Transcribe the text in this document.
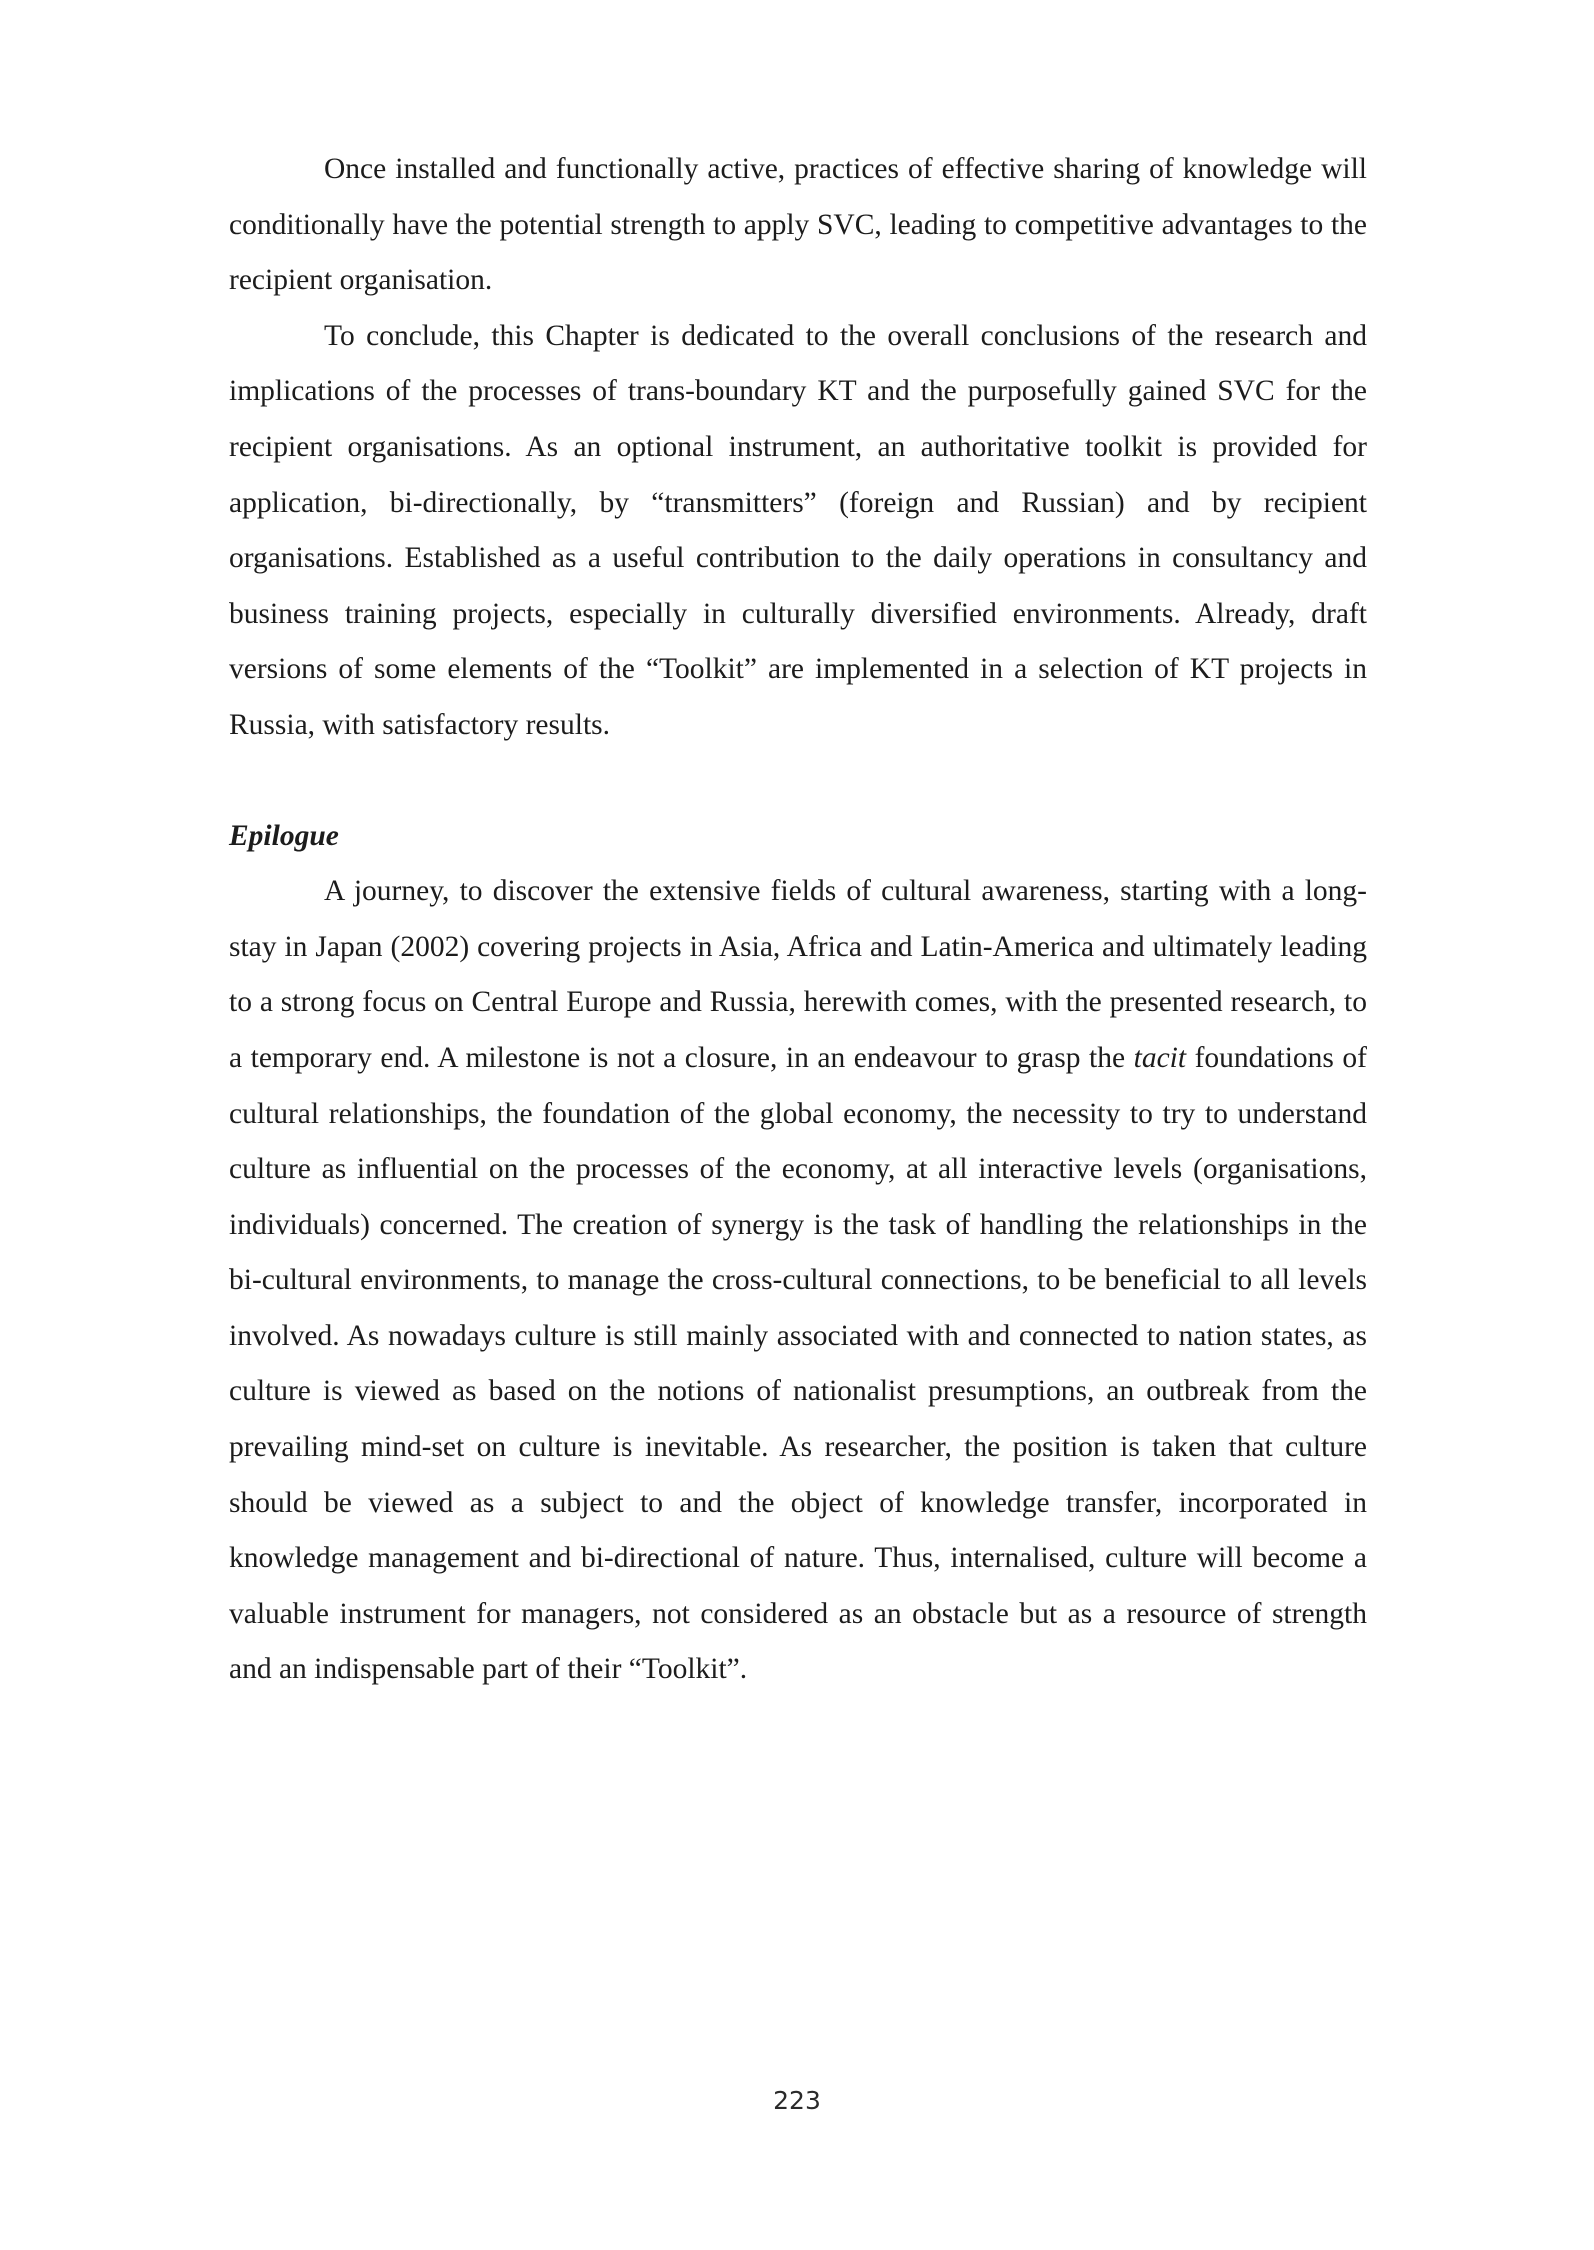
Once installed and functionally active, practices of effective sharing of knowledge will conditionally have the potential strength to apply SVC, leading to competitive advantages to the recipient organisation.

To conclude, this Chapter is dedicated to the overall conclusions of the research and implications of the processes of trans-boundary KT and the purposefully gained SVC for the recipient organisations. As an optional instrument, an authoritative toolkit is provided for application, bi-directionally, by “transmitters” (foreign and Russian) and by recipient organisations. Established as a useful contribution to the daily operations in consultancy and business training projects, especially in culturally diversified environments. Already, draft versions of some elements of the “Toolkit” are implemented in a selection of KT projects in Russia, with satisfactory results.

Epilogue

A journey, to discover the extensive fields of cultural awareness, starting with a long-stay in Japan (2002) covering projects in Asia, Africa and Latin-America and ultimately leading to a strong focus on Central Europe and Russia, herewith comes, with the presented research, to a temporary end. A milestone is not a closure, in an endeavour to grasp the tacit foundations of cultural relationships, the foundation of the global economy, the necessity to try to understand culture as influential on the processes of the economy, at all interactive levels (organisations, individuals) concerned. The creation of synergy is the task of handling the relationships in the bi-cultural environments, to manage the cross-cultural connections, to be beneficial to all levels involved. As nowadays culture is still mainly associated with and connected to nation states, as culture is viewed as based on the notions of nationalist presumptions, an outbreak from the prevailing mind-set on culture is inevitable. As researcher, the position is taken that culture should be viewed as a subject to and the object of knowledge transfer, incorporated in knowledge management and bi-directional of nature. Thus, internalised, culture will become a valuable instrument for managers, not considered as an obstacle but as a resource of strength and an indispensable part of their “Toolkit”.

223
